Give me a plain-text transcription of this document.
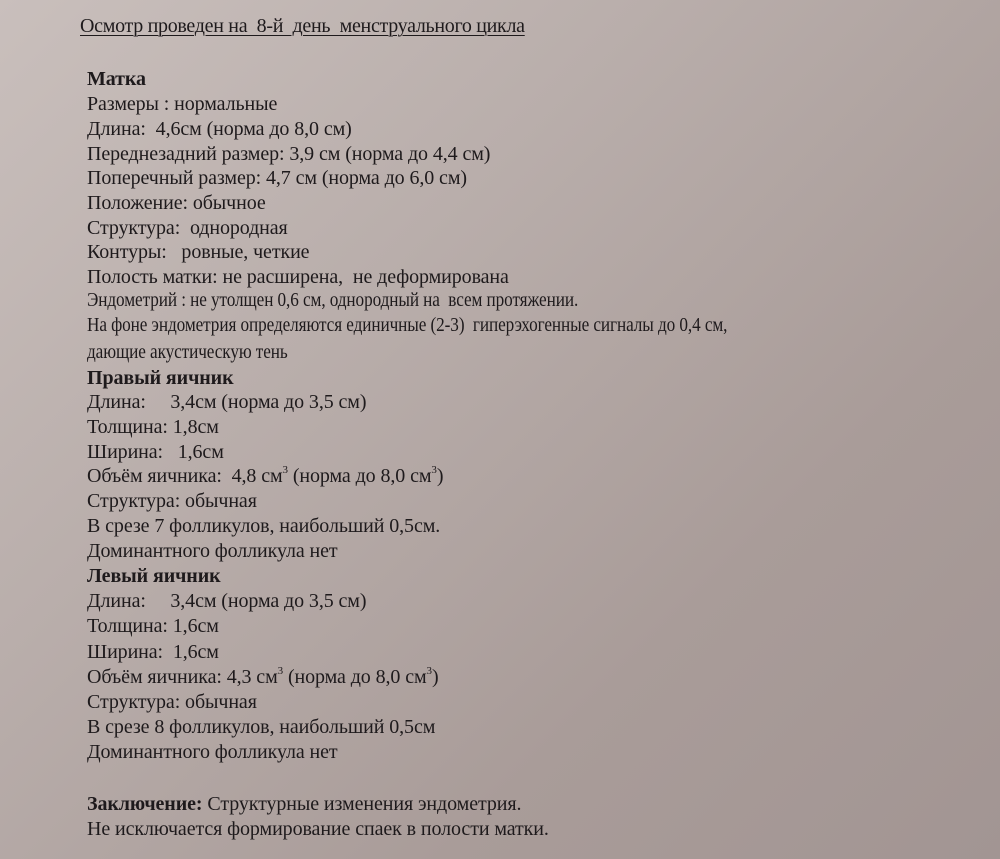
Осмотр проведен на  8-й  день  менструального цикла
Матка
Размеры : нормальные
Длина:  4,6см (норма до 8,0 см)
Переднезадний размер: 3,9 см (норма до 4,4 см)
Поперечный размер: 4,7 см (норма до 6,0 см)
Положение: обычное
Структура:  однородная
Контуры:   ровные, четкие
Полость матки: не расширена,  не деформирована
Эндометрий : не утолщен 0,6 см, однородный на  всем протяжении.
На фоне эндометрия определяются единичные (2-3)  гиперэхогенные сигналы до 0,4 см,
дающие акустическую тень
Правый яичник
Длина:     3,4см (норма до 3,5 см)
Толщина: 1,8см
Ширина:   1,6см
Объём яичника:  4,8 $см^3$ (норма до 8,0 $см^3$)
Структура: обычная
В срезе 7 фолликулов, наибольший 0,5см.
Доминантного фолликула нет
Левый яичник
Длина:     3,4см (норма до 3,5 см)
Толщина: 1,6см
Ширина:  1,6см
Объём яичника: 4,3 $см^3$ (норма до 8,0 $см^3$)
Структура: обычная
В срезе 8 фолликулов, наибольший 0,5см
Доминантного фолликула нет
Заключение: Структурные изменения эндометрия.
Не исключается формирование спаек в полости матки.
